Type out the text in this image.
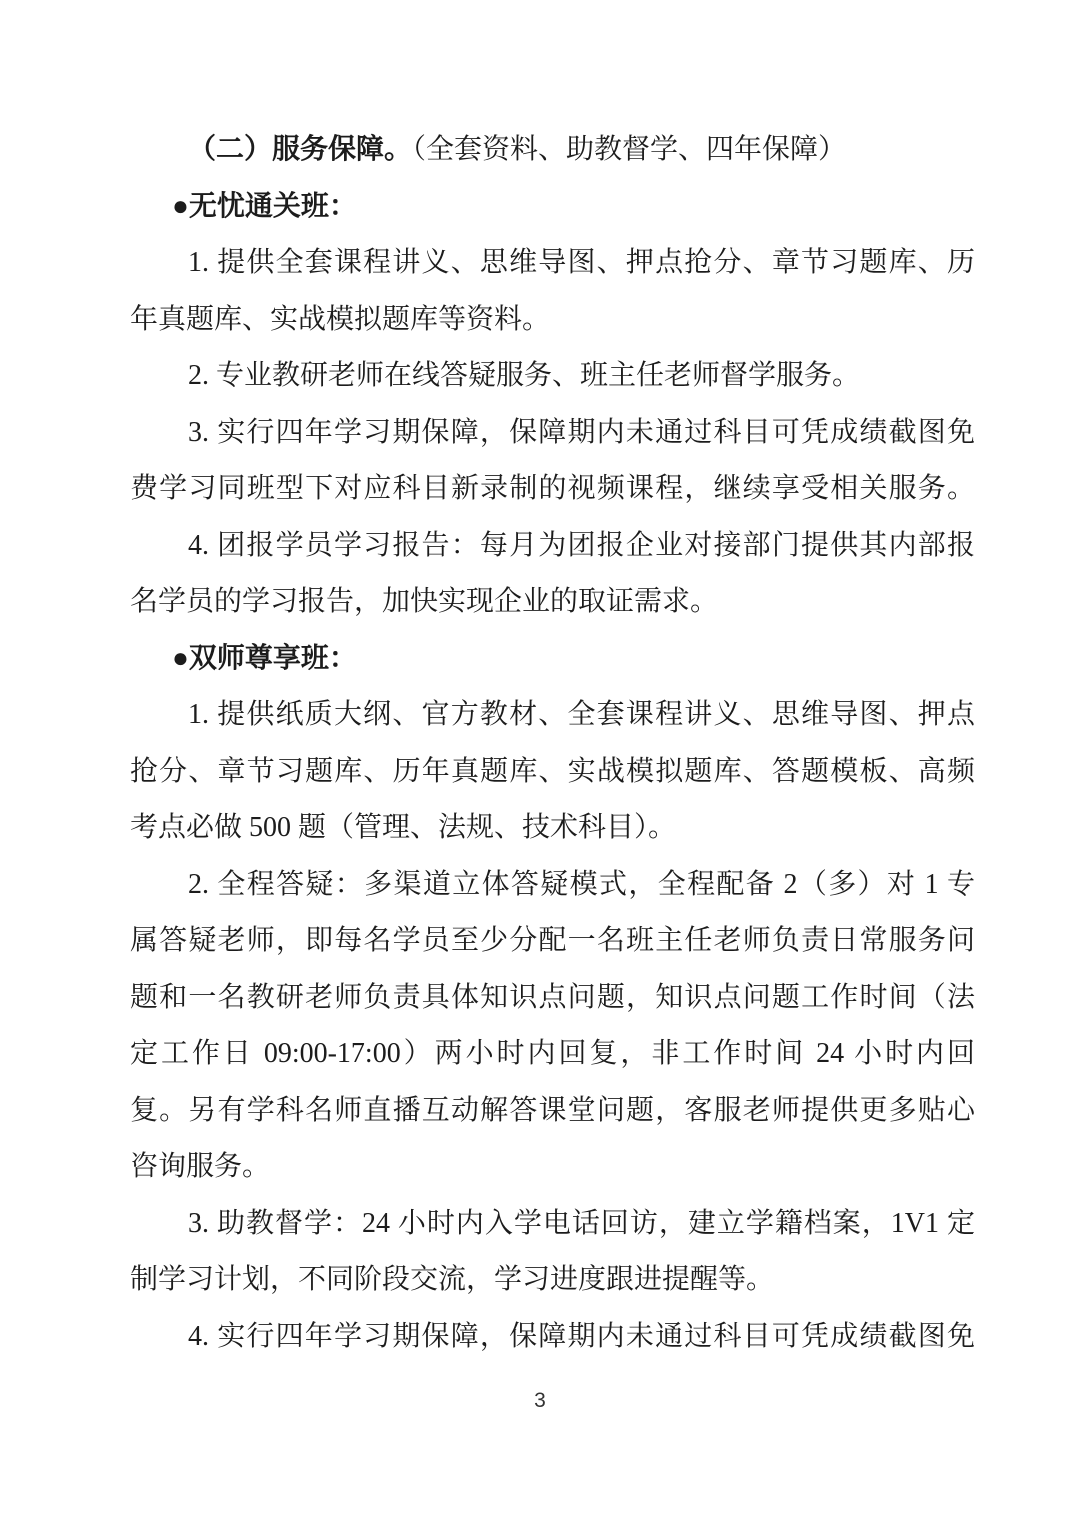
（二）服务保障。（全套资料、助教督学、四年保障）
●无忧通关班：
1. 提供全套课程讲义、思维导图、押点抢分、章节习题库、历
年真题库、实战模拟题库等资料。
2. 专业教研老师在线答疑服务、班主任老师督学服务。
3. 实行四年学习期保障，保障期内未通过科目可凭成绩截图免
费学习同班型下对应科目新录制的视频课程，继续享受相关服务。
4. 团报学员学习报告：每月为团报企业对接部门提供其内部报
名学员的学习报告，加快实现企业的取证需求。
●双师尊享班：
1. 提供纸质大纲、官方教材、全套课程讲义、思维导图、押点
抢分、章节习题库、历年真题库、实战模拟题库、答题模板、高频
考点必做 500 题（管理、法规、技术科目）。
2. 全程答疑：多渠道立体答疑模式，全程配备 2（多）对 1 专
属答疑老师，即每名学员至少分配一名班主任老师负责日常服务问
题和一名教研老师负责具体知识点问题，知识点问题工作时间（法
定工作日 09:00-17:00）两小时内回复，非工作时间 24 小时内回
复。另有学科名师直播互动解答课堂问题，客服老师提供更多贴心
咨询服务。
3. 助教督学：24 小时内入学电话回访，建立学籍档案，1V1 定
制学习计划，不同阶段交流，学习进度跟进提醒等。
4. 实行四年学习期保障，保障期内未通过科目可凭成绩截图免
3
